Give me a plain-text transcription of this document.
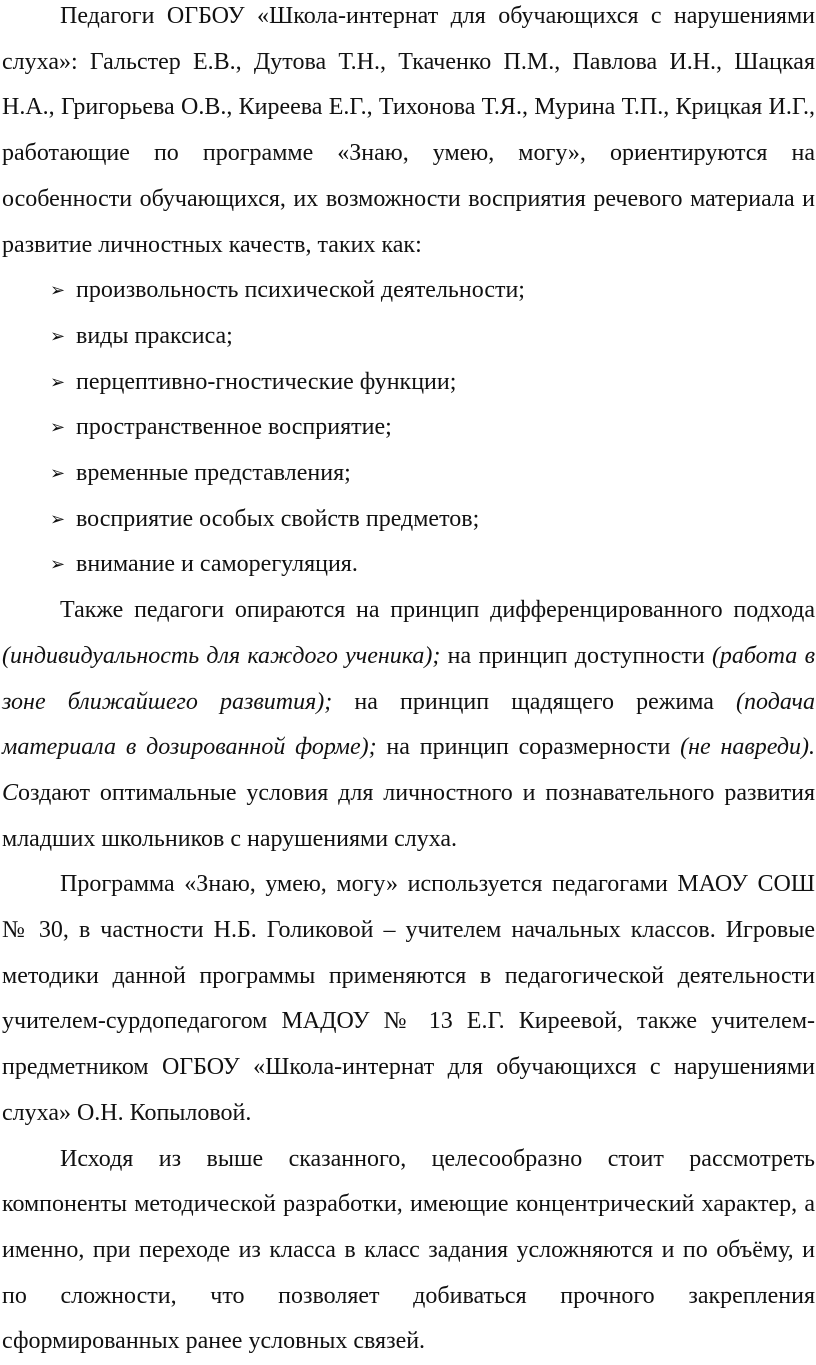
Педагоги ОГБОУ «Школа-интернат для обучающихся с нарушениями слуха»: Гальстер Е.В., Дутова Т.Н., Ткаченко П.М., Павлова И.Н., Шацкая Н.А., Григорьева О.В., Киреева Е.Г., Тихонова Т.Я., Мурина Т.П., Крицкая И.Г., работающие по программе «Знаю, умею, могу», ориентируются на особенности обучающихся, их возможности восприятия речевого материала и развитие личностных качеств, таких как:

➢ произвольность психической деятельности;
➢ виды праксиса;
➢ перцептивно-гностические функции;
➢ пространственное восприятие;
➢ временные представления;
➢ восприятие особых свойств предметов;
➢ внимание и саморегуляция.

Также педагоги опираются на принцип дифференцированного подхода (индивидуальность для каждого ученика); на принцип доступности (работа в зоне ближайшего развития); на принцип щадящего режима (подача материала в дозированной форме); на принцип соразмерности (не навреди). Создают оптимальные условия для личностного и познавательного развития младших школьников с нарушениями слуха.

Программа «Знаю, умею, могу» используется педагогами МАОУ СОШ № 30, в частности Н.Б. Голиковой – учителем начальных классов. Игровые методики данной программы применяются в педагогической деятельности учителем-сурдопедагогом МАДОУ № 13 Е.Г. Киреевой, также учителем-предметником ОГБОУ «Школа-интернат для обучающихся с нарушениями слуха» О.Н. Копыловой.

Исходя из выше сказанного, целесообразно стоит рассмотреть компоненты методической разработки, имеющие концентрический характер, а именно, при переходе из класса в класс задания усложняются и по объёму, и по сложности, что позволяет добиваться прочного закрепления сформированных ранее условных связей.
